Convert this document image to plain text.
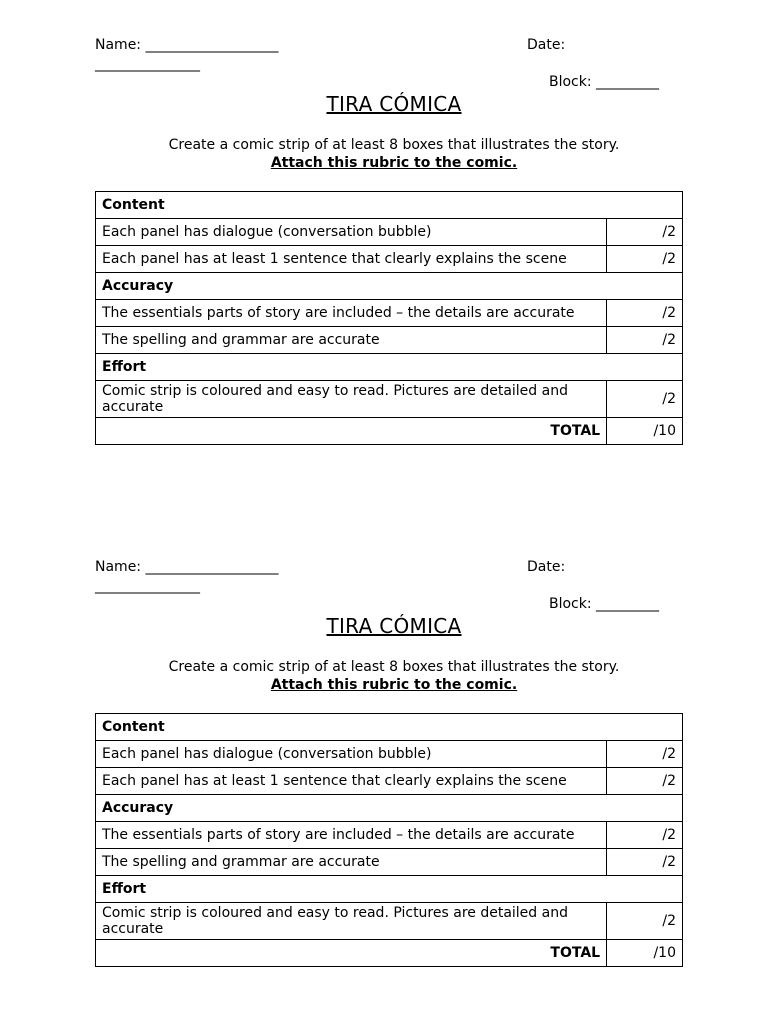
Name: ___________________	Date:
_______________
Block: _________
TIRA CÓMICA
Create a comic strip of at least 8 boxes that illustrates the story.
Attach this rubric to the comic.
Content	
Each panel has dialogue (conversation bubble)	/2
Each panel has at least 1 sentence that clearly explains the scene	/2
Accuracy	
The essentials parts of story are included – the details are accurate	/2
The spelling and grammar are accurate	/2
Effort	
Comic strip is coloured and easy to read. Pictures are detailed and accurate	/2
TOTAL	/10
Name: ___________________	Date:
_______________
Block: _________
TIRA CÓMICA
Create a comic strip of at least 8 boxes that illustrates the story.
Attach this rubric to the comic.
Content	
Each panel has dialogue (conversation bubble)	/2
Each panel has at least 1 sentence that clearly explains the scene	/2
Accuracy	
The essentials parts of story are included – the details are accurate	/2
The spelling and grammar are accurate	/2
Effort	
Comic strip is coloured and easy to read. Pictures are detailed and accurate	/2
TOTAL	/10
